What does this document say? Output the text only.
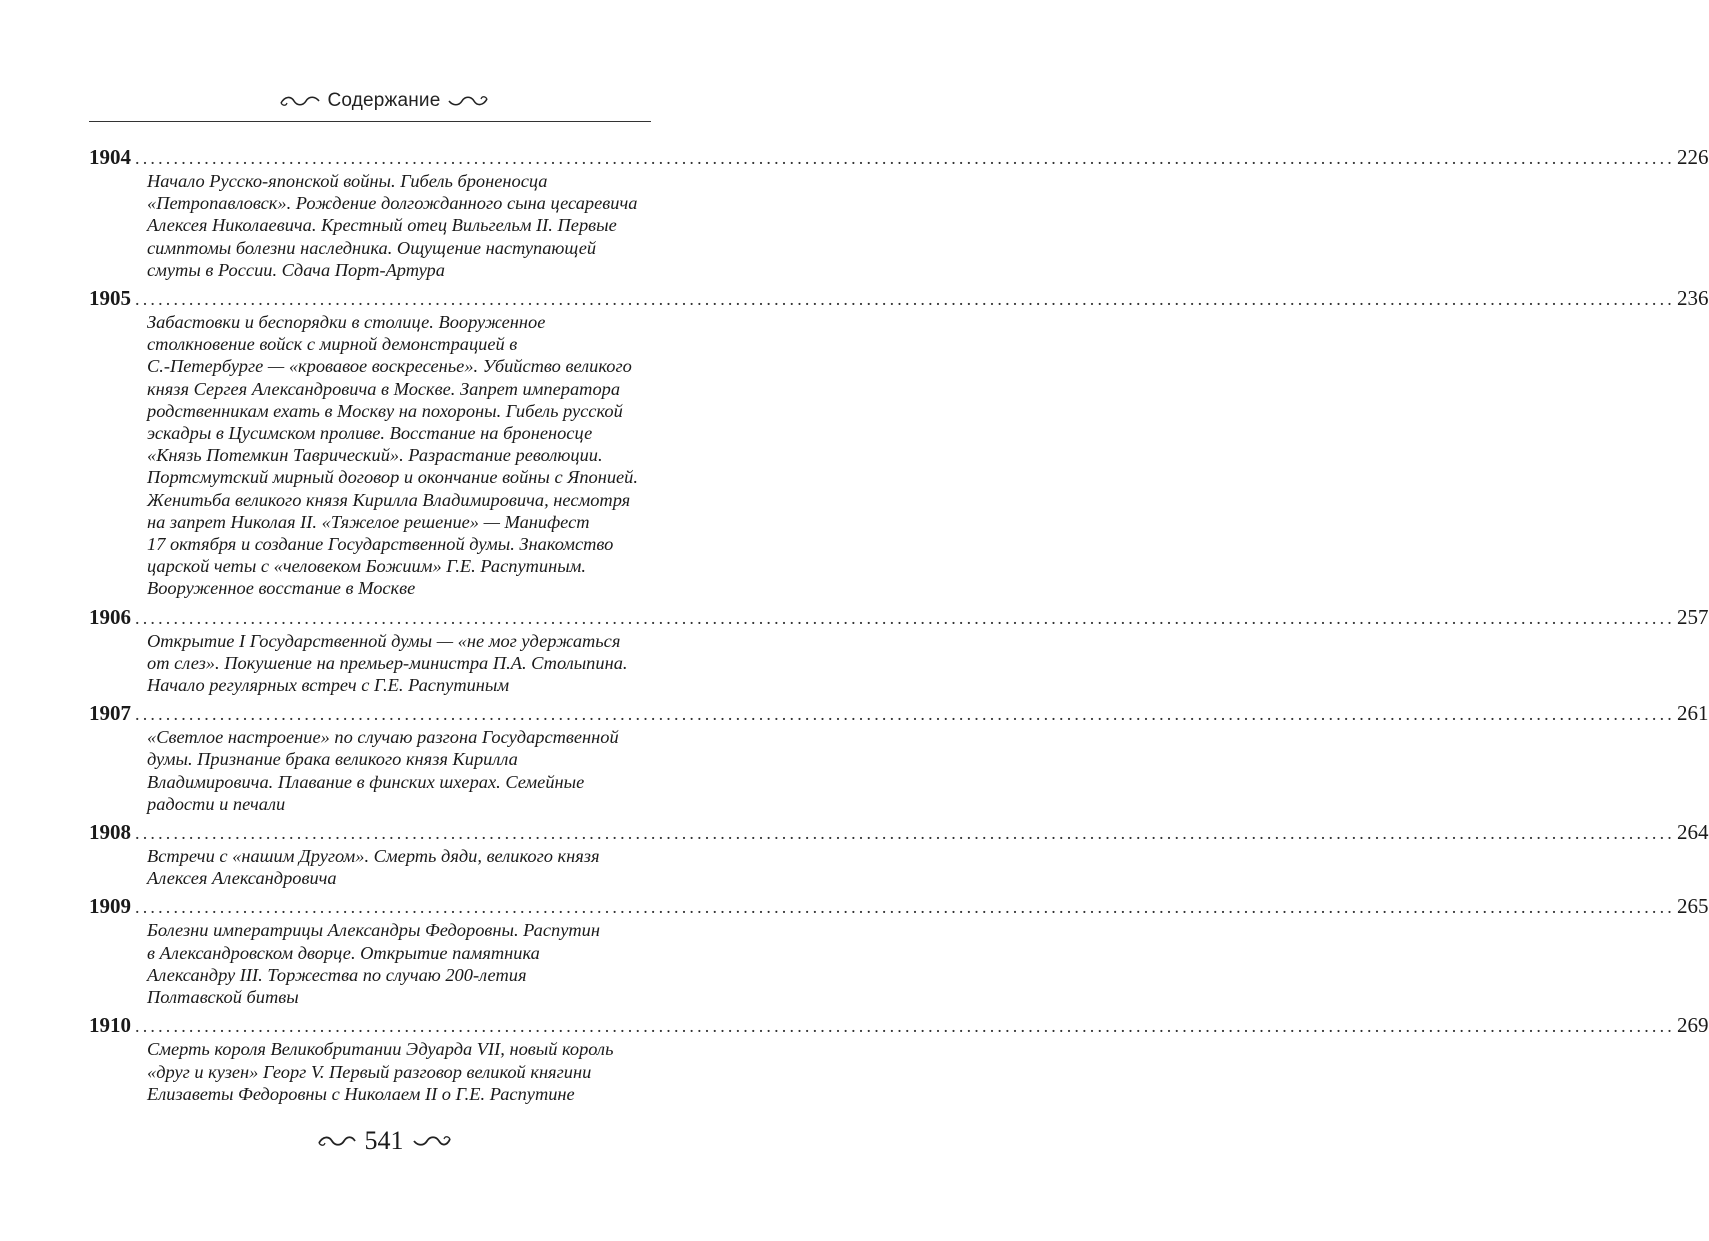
Содержание
1904 ........................................................................................................................................................................................................ 226
Начало Русско-японской войны. Гибель броненосца
«Петропавловск». Рождение долгожданного сына цесаревича
Алексея Николаевича. Крестный отец Вильгельм II. Первые
симптомы болезни наследника. Ощущение наступающей
смуты в России. Сдача Порт-Артура
1905 ........................................................................................................................................................................................................ 236
Забастовки и беспорядки в столице. Вооруженное
столкновение войск с мирной демонстрацией в
С.-Петербурге — «кровавое воскресенье». Убийство великого
князя Сергея Александровича в Москве. Запрет императора
родственникам ехать в Москву на похороны. Гибель русской
эскадры в Цусимском проливе. Восстание на броненосце
«Князь Потемкин Таврический». Разрастание революции.
Портсмутский мирный договор и окончание войны с Японией.
Женитьба великого князя Кирилла Владимировича, несмотря
на запрет Николая II. «Тяжелое решение» — Манифест
17 октября и создание Государственной думы. Знакомство
царской четы с «человеком Божиим» Г.Е. Распутиным.
Вооруженное восстание в Москве
1906 ........................................................................................................................................................................................................ 257
Открытие I Государственной думы — «не мог удержаться
от слез». Покушение на премьер-министра П.А. Столыпина.
Начало регулярных встреч с Г.Е. Распутиным
1907 ........................................................................................................................................................................................................ 261
«Светлое настроение» по случаю разгона Государственной
думы. Признание брака великого князя Кирилла
Владимировича. Плавание в финских шхерах. Семейные
радости и печали
1908 ........................................................................................................................................................................................................ 264
Встречи с «нашим Другом». Смерть дяди, великого князя
Алексея Александровича
1909 ........................................................................................................................................................................................................ 265
Болезни императрицы Александры Федоровны. Распутин
в Александровском дворце. Открытие памятника
Александру III. Торжества по случаю 200-летия
Полтавской битвы
1910 ........................................................................................................................................................................................................ 269
Смерть короля Великобритании Эдуарда VII, новый король
«друг и кузен» Георг V. Первый разговор великой княгини
Елизаветы Федоровны с Николаем II о Г.Е. Распутине
541
